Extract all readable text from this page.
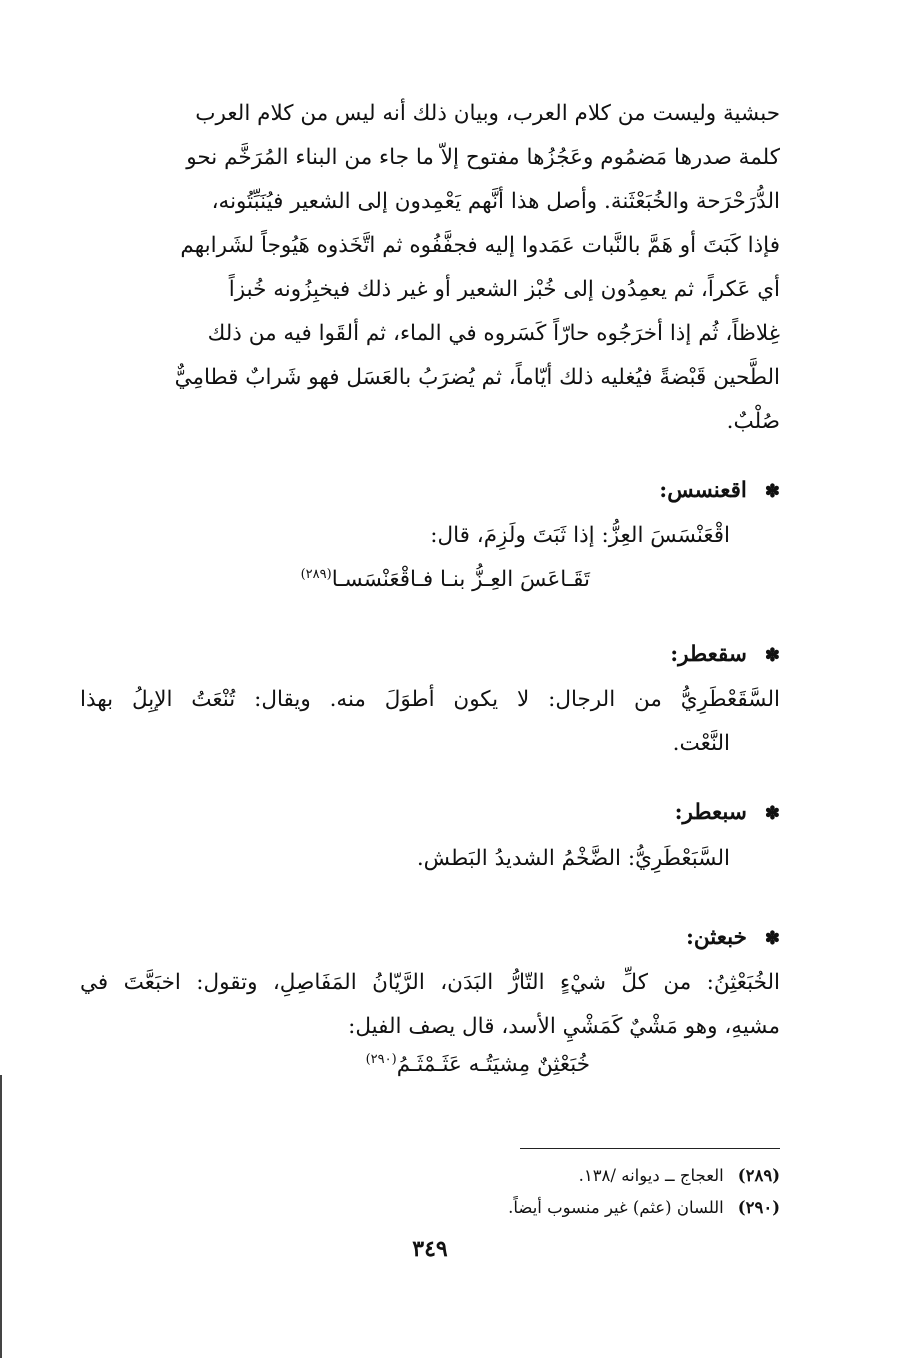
حبشية وليست من كلام العرب، وبيان ذلك أنه ليس من كلام العرب

كلمة صدرها مَضمُوم وعَجُزُها مفتوح إلاّ ما جاء من البناء المُرَخَّم نحو

الدُّرَحْرَحة والخُبَعْثَنة. وأصل هذا أنَّهم يَعْمِدون إلى الشعير فيُنَبِّتُونه،

فإذا كَبَتَ أو هَمَّ بالنَّبات عَمَدوا إليه فجفَّفُوه ثم اتَّخَذوه هَيُوجاً لشَرابهم

أي عَكراً، ثم يعمِدُون إلى خُبْز الشعير أو غير ذلك فيخبِزُونه خُبزاً

غِلاظاً، ثُم إذا أخرَجُوه حارّاً كَسَروه في الماء، ثم ألقَوا فيه من ذلك

الطَّحين قَبْضةً فيُغليه ذلك أيّاماً، ثم يُضرَبُ بالعَسَل فهو شَرابٌ قطامِيٌّ

صُلْبٌ.

✽اقعنسس:
اقْعَنْسَسَ العِزُّ: إذا ثَبَتَ ولَزِمَ، قال:
تَقَـاعَسَ العِـزُّ بنـا فـاقْعَنْسَسـا$^{(٢٨٩)}$
✽سقعطر:
السَّقَعْطَرِيُّ من الرجال: لا يكون أطوَلَ منه. ويقال: تُنْعَتُ الإبِلُ بهذا
النَّعْت.
✽سبعطر:
السَّبَعْطَرِيُّ: الضَّخْمُ الشديدُ البَطش.
✽خبعثن:
الخُبَعْثِنُ: من كلِّ شيْءٍ التّارُّ البَدَن، الرَّيّانُ المَفَاصِلِ، وتقول: اخبَعَّتَ في
مشيهِ، وهو مَشْيٌ كَمَشْيِ الأسد، قال يصف الفيل:
خُبَعْثِنٌ مِشيَتُـه عَثَـمْثَـمُ$^{(٢٩٠)}$
(٢٨٩)العجاج ــ ديوانه /١٣٨.
(٢٩٠)اللسان (عثم) غير منسوب أيضاً.
٣٤٩
